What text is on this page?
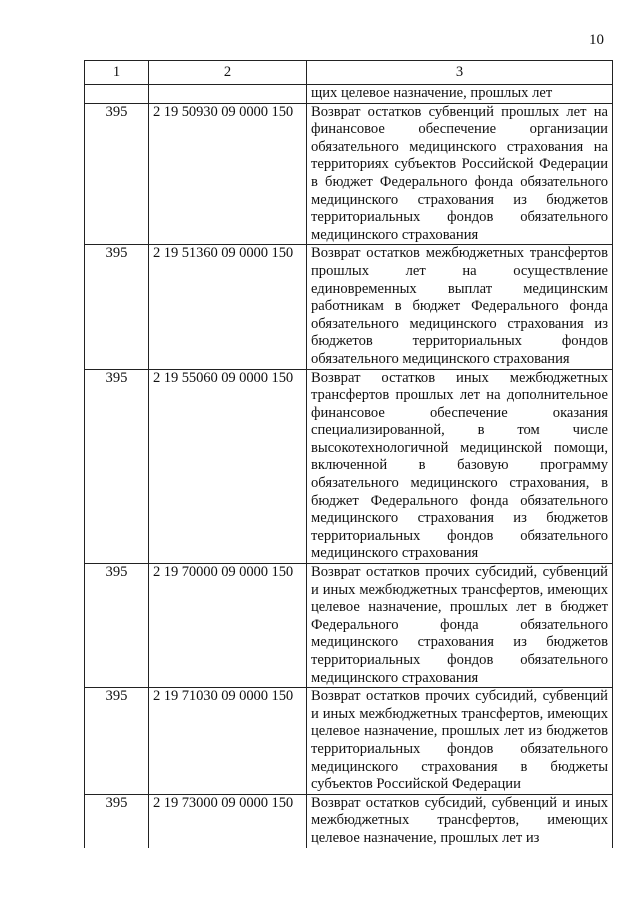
10
1	2	3
		щих целевое назначение, прошлых лет
395	2 19 50930 09 0000 150	Возврат остатков субвенций прошлых лет на финансовое обеспечение организации обязательного медицинского страхования на территориях субъектов Российской Федерации в бюджет Федерального фонда обязательного медицинского страхования из бюджетов территориальных фондов обязательного медицинского страхования
395	2 19 51360 09 0000 150	Возврат остатков межбюджетных трансфертов прошлых лет на осуществление единовременных выплат медицинским работникам в бюджет Федерального фонда обязательного медицинского страхования из бюджетов территориальных фондов обязательного медицинского страхования
395	2 19 55060 09 0000 150	Возврат остатков иных межбюджетных трансфертов прошлых лет на дополнительное финансовое обеспечение оказания специализированной, в том числе высокотехнологичной медицинской помощи, включенной в базовую программу обязательного медицинского страхования, в бюджет Федерального фонда обязательного медицинского страхования из бюджетов территориальных фондов обязательного медицинского страхования
395	2 19 70000 09 0000 150	Возврат остатков прочих субсидий, субвенций и иных межбюджетных трансфертов, имеющих целевое назначение, прошлых лет в бюджет Федерального фонда обязательного медицинского страхования из бюджетов территориальных фондов обязательного медицинского страхования
395	2 19 71030 09 0000 150	Возврат остатков прочих субсидий, субвенций и иных межбюджетных трансфертов, имеющих целевое назначение, прошлых лет из бюджетов территориальных фондов обязательного медицинского страхования в бюджеты субъектов Российской Федерации
395	2 19 73000 09 0000 150	Возврат остатков субсидий, субвенций и иных межбюджетных трансфертов, имеющих целевое назначение, прошлых лет из
